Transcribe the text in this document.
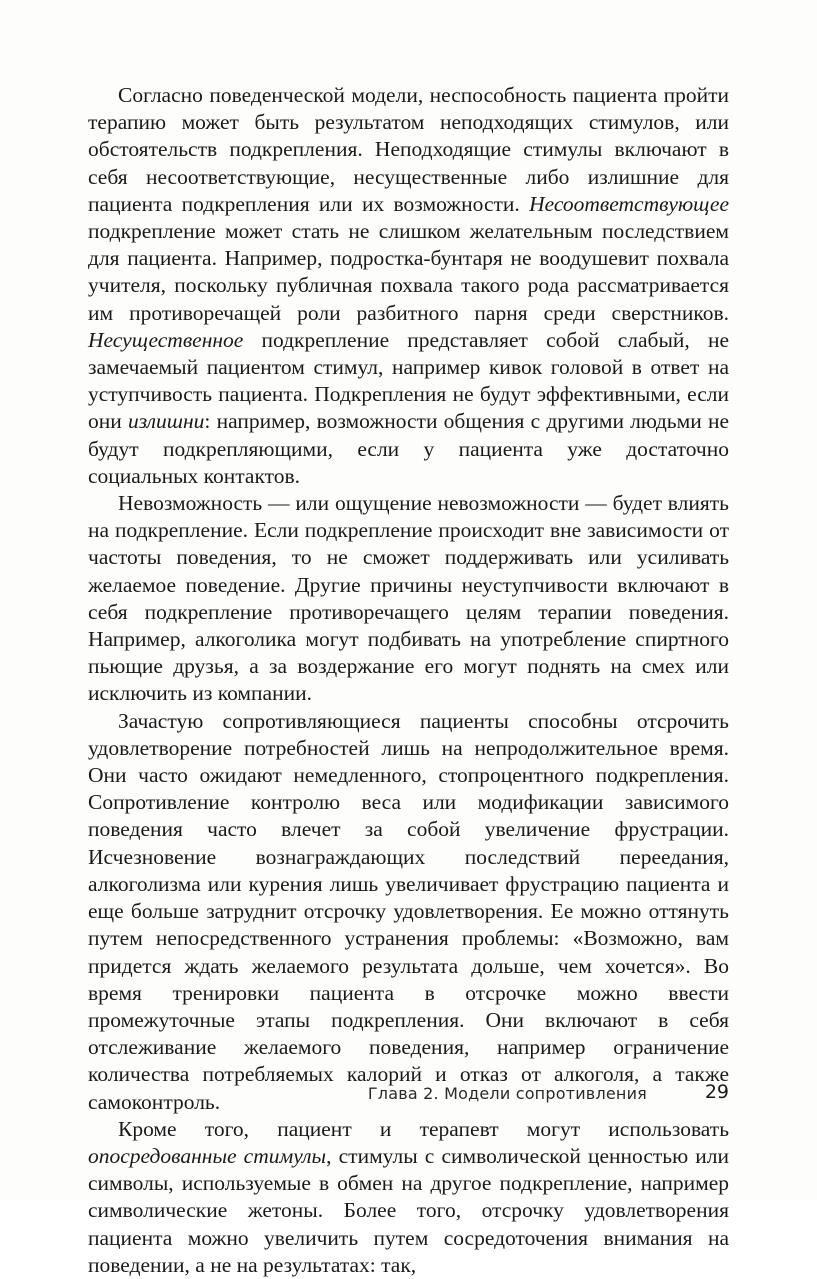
Согласно поведенческой модели, неспособность пациента пройти терапию может быть результатом неподходящих стимулов, или обстоятельств подкрепления. Неподходящие стимулы включают в себя несоответствующие, несущественные либо излишние для пациента подкрепления или их возможности. Несоответствующее подкрепление может стать не слишком желательным последствием для пациента. Например, подростка-бунтаря не воодушевит похвала учителя, поскольку публичная похвала такого рода рассматривается им противоречащей роли разбитного парня среди сверстников. Несущественное подкрепление представляет собой слабый, не замечаемый пациентом стимул, например кивок головой в ответ на уступчивость пациента. Подкрепления не будут эффективными, если они излишни: например, возможности общения с другими людьми не будут подкрепляющими, если у пациента уже достаточно социальных контактов.

Невозможность — или ощущение невозможности — будет влиять на подкрепление. Если подкрепление происходит вне зависимости от частоты поведения, то не сможет поддерживать или усиливать желаемое поведение. Другие причины неуступчивости включают в себя подкрепление противоречащего целям терапии поведения. Например, алкоголика могут подбивать на употребление спиртного пьющие друзья, а за воздержание его могут поднять на смех или исключить из компании.

Зачастую сопротивляющиеся пациенты способны отсрочить удовлетворение потребностей лишь на непродолжительное время. Они часто ожидают немедленного, стопроцентного подкрепления. Сопротивление контролю веса или модификации зависимого поведения часто влечет за собой увеличение фрустрации. Исчезновение вознаграждающих последствий переедания, алкоголизма или курения лишь увеличивает фрустрацию пациента и еще больше затруднит отсрочку удовлетворения. Ее можно оттянуть путем непосредственного устранения проблемы: «Возможно, вам придется ждать желаемого результата дольше, чем хочется». Во время тренировки пациента в отсрочке можно ввести промежуточные этапы подкрепления. Они включают в себя отслеживание желаемого поведения, например ограничение количества потребляемых калорий и отказ от алкоголя, а также самоконтроль.

Кроме того, пациент и терапевт могут использовать опосредованные стимулы, стимулы с символической ценностью или символы, используемые в обмен на другое подкрепление, например символические жетоны. Более того, отсрочку удовлетворения пациента можно увеличить путем сосредоточения внимания на поведении, а не на результатах: так,

Глава 2. Модели сопротивления	29
